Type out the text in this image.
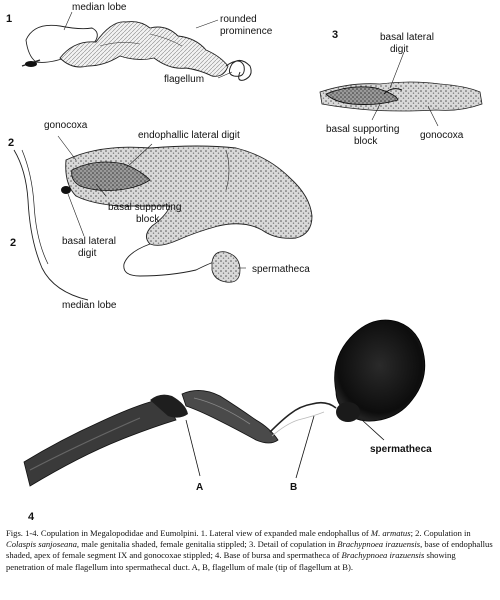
1
median lobe
rounded
prominence
flagellum
3	basal lateral
digit
basal supporting
block
gonocoxa
2
2
gonocoxa
endophallic lateral digit
basal supporting
block
basal lateral
digit
spermatheca
median lobe
A	B
spermatheca
4
Figs. 1-4. Copulation in Megalopodidae and Eumolpini. 1. Lateral view of expanded male endophallus of M. armatus; 2. Copulation in Colaspis sanjoseana, male genitalia shaded, female genitalia stippled; 3. Detail of copulation in Brachypnoea irazuensis, base of endophallus shaded, apex of female segment IX and gonocoxae stippled; 4. Base of bursa and spermatheca of Brachypnoea irazuensis showing penetration of male flagellum into spermathecal duct. A, B, flagellum of male (tip of flagellum at B).
